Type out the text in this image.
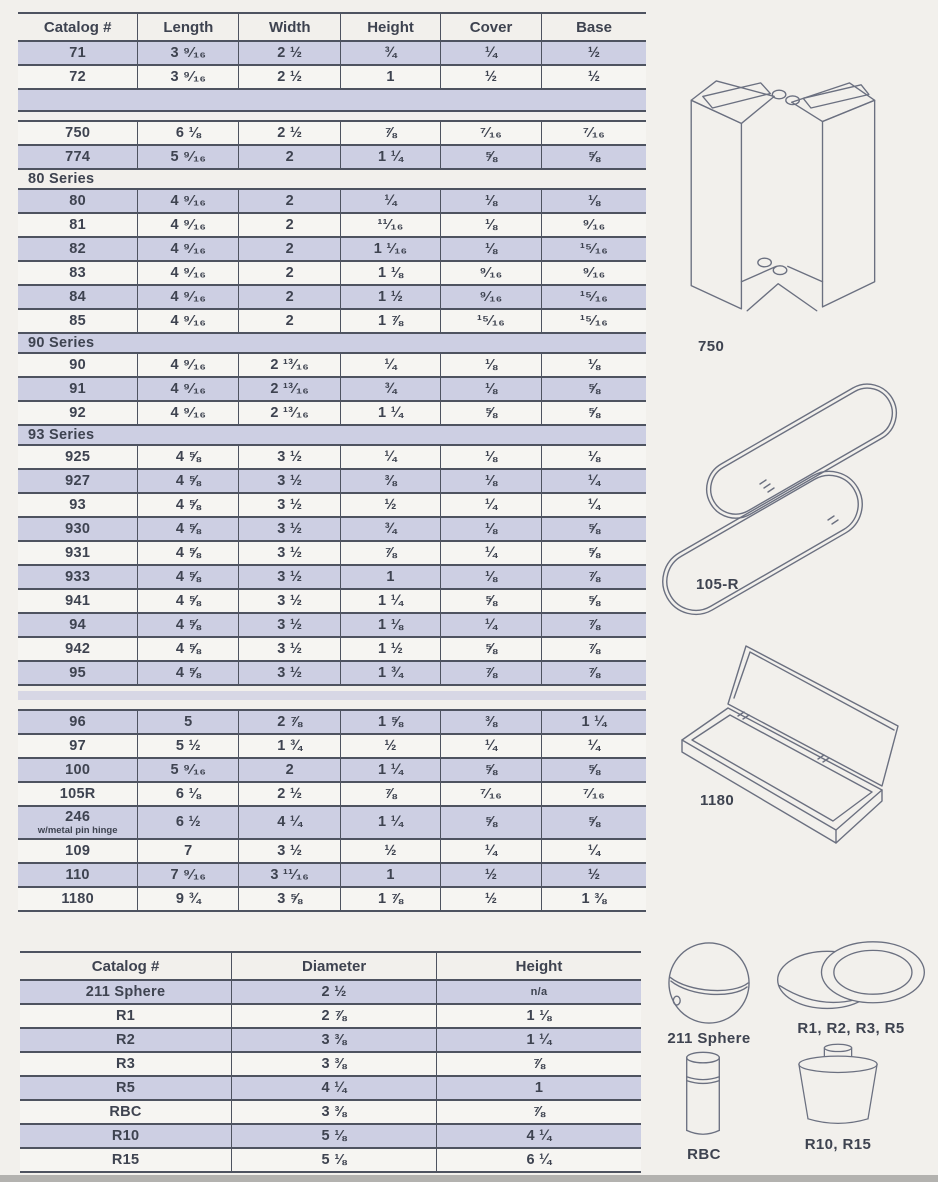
Catalog #	Length	Width	Height	Cover	Base
71	3 ⁹⁄₁₆	2 ½	¾	¼	½
72	3 ⁹⁄₁₆	2 ½	1	½	½
750	6 ⅛	2 ½	⅞	⁷⁄₁₆	⁷⁄₁₆
774	5 ⁹⁄₁₆	2	1 ¼	⅝	⅝
80 Series
80	4 ⁹⁄₁₆	2	¼	⅛	⅛
81	4 ⁹⁄₁₆	2	¹¹⁄₁₆	⅛	⁹⁄₁₆
82	4 ⁹⁄₁₆	2	1 ¹⁄₁₆	⅛	¹⁵⁄₁₆
83	4 ⁹⁄₁₆	2	1 ⅛	⁹⁄₁₆	⁹⁄₁₆
84	4 ⁹⁄₁₆	2	1 ½	⁹⁄₁₆	¹⁵⁄₁₆
85	4 ⁹⁄₁₆	2	1 ⅞	¹⁵⁄₁₆	¹⁵⁄₁₆
90 Series
90	4 ⁹⁄₁₆	2 ¹³⁄₁₆	¼	⅛	⅛
91	4 ⁹⁄₁₆	2 ¹³⁄₁₆	¾	⅛	⅝
92	4 ⁹⁄₁₆	2 ¹³⁄₁₆	1 ¼	⅝	⅝
93 Series
925	4 ⅝	3 ½	¼	⅛	⅛
927	4 ⅝	3 ½	⅜	⅛	¼
93	4 ⅝	3 ½	½	¼	¼
930	4 ⅝	3 ½	¾	⅛	⅝
931	4 ⅝	3 ½	⅞	¼	⅝
933	4 ⅝	3 ½	1	⅛	⅞
941	4 ⅝	3 ½	1 ¼	⅝	⅝
94	4 ⅝	3 ½	1 ⅛	¼	⅞
942	4 ⅝	3 ½	1 ½	⅝	⅞
95	4 ⅝	3 ½	1 ¾	⅞	⅞
96	5	2 ⅞	1 ⅝	⅜	1 ¼
97	5 ½	1 ¾	½	¼	¼
100	5 ⁹⁄₁₆	2	1 ¼	⅝	⅝
105R	6 ⅛	2 ½	⅞	⁷⁄₁₆	⁷⁄₁₆
246
w/metal pin hinge	6 ½	4 ¼	1 ¼	⅝	⅝
109	7	3 ½	½	¼	¼
110	7 ⁹⁄₁₆	3 ¹¹⁄₁₆	1	½	½
1180	9 ¾	3 ⅝	1 ⅞	½	1 ⅜
Catalog #	Diameter	Height
211 Sphere	2 ½	n/a
R1	2 ⅞	1 ⅛
R2	3 ⅜	1 ¼
R3	3 ⅜	⅞
R5	4 ¼	1
RBC	3 ⅜	⅞
R10	5 ⅛	4 ¼
R15	5 ⅛	6 ¼
750
105-R
1180
211 Sphere
R1, R2, R3, R5
RBC
R10, R15
